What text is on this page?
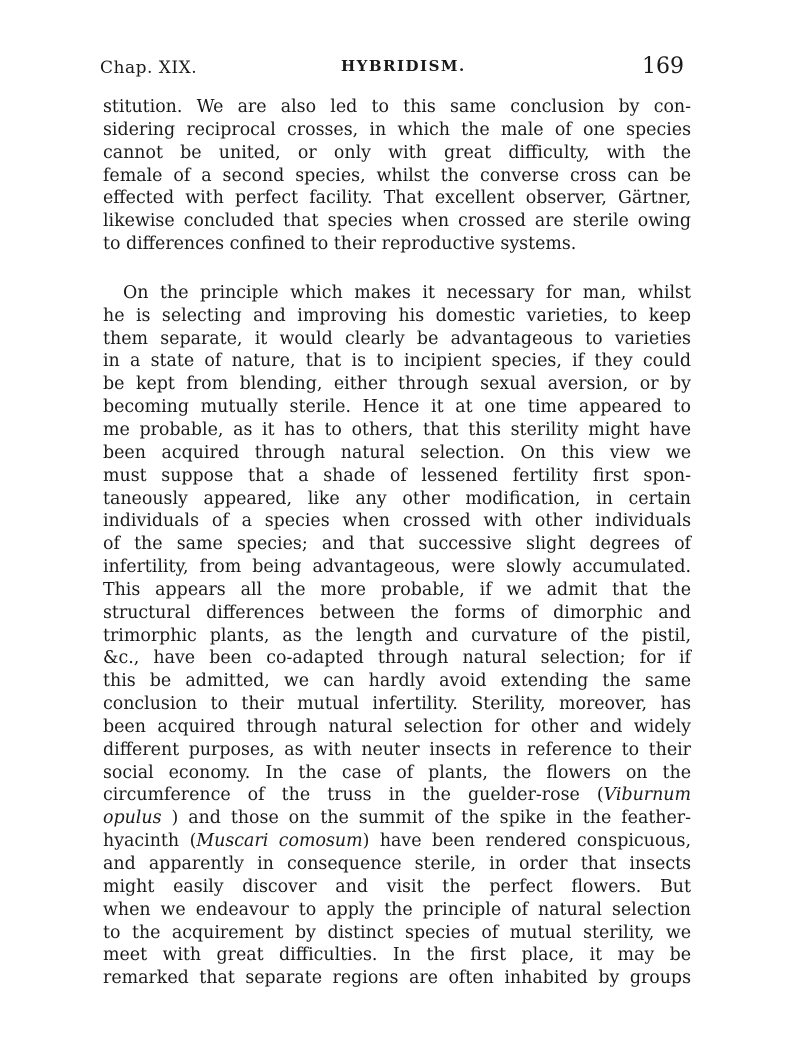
Chap. XIX.	HYBRIDISM.	169
stitution. We are also led to this same conclusion by con-
sidering reciprocal crosses, in which the male of one species
cannot be united, or only with great difficulty, with the
female of a second species, whilst the converse cross can be
effected with perfect facility. That excellent observer, Gärtner,
likewise concluded that species when crossed are sterile owing
to differences confined to their reproductive systems.
On the principle which makes it necessary for man, whilst
he is selecting and improving his domestic varieties, to keep
them separate, it would clearly be advantageous to varieties
in a state of nature, that is to incipient species, if they could
be kept from blending, either through sexual aversion, or by
becoming mutually sterile. Hence it at one time appeared to
me probable, as it has to others, that this sterility might have
been acquired through natural selection. On this view we
must suppose that a shade of lessened fertility first spon-
taneously appeared, like any other modification, in certain
individuals of a species when crossed with other individuals
of the same species; and that successive slight degrees of
infertility, from being advantageous, were slowly accumulated.
This appears all the more probable, if we admit that the
structural differences between the forms of dimorphic and
trimorphic plants, as the length and curvature of the pistil,
&c., have been co-adapted through natural selection; for if
this be admitted, we can hardly avoid extending the same
conclusion to their mutual infertility. Sterility, moreover, has
been acquired through natural selection for other and widely
different purposes, as with neuter insects in reference to their
social economy. In the case of plants, the flowers on the
circumference of the truss in the guelder-rose (Viburnum
opulus ) and those on the summit of the spike in the feather-
hyacinth (Muscari comosum) have been rendered conspicuous,
and apparently in consequence sterile, in order that insects
might easily discover and visit the perfect flowers. But
when we endeavour to apply the principle of natural selection
to the acquirement by distinct species of mutual sterility, we
meet with great difficulties. In the first place, it may be
remarked that separate regions are often inhabited by groups
